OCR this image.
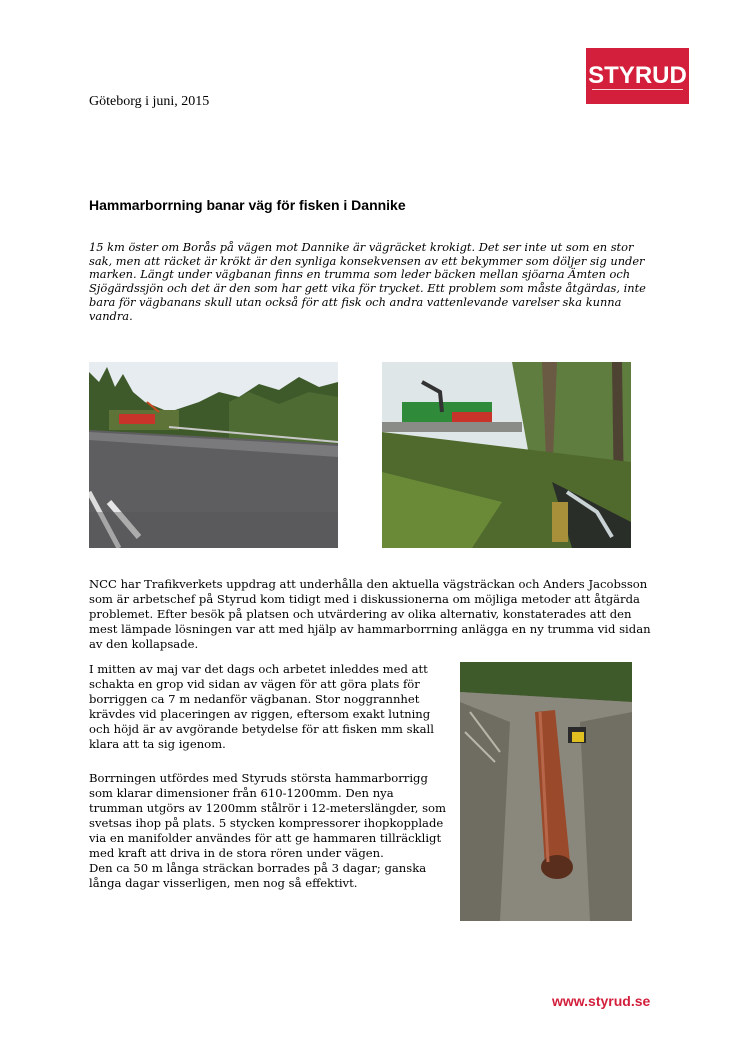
STYRUD
Göteborg i juni, 2015
Hammarborrning banar väg för fisken i Dannike
15 km öster om Borås på vägen mot Dannike är vägräcket krokigt. Det ser inte ut som en stor sak, men att räcket är krökt är den synliga konsekvensen av ett bekymmer som döljer sig under marken. Längt under vägbanan finns en trumma som leder bäcken mellan sjöarna Ämten och Sjögärdssjön och det är den som har gett vika för trycket. Ett problem som måste åtgärdas, inte bara för vägbanans skull utan också för att fisk och andra vattenlevande varelser ska kunna vandra.

NCC har Trafikverkets uppdrag att underhålla den aktuella vägsträckan och Anders Jacobsson som är arbetschef på Styrud kom tidigt med i diskussionerna om möjliga metoder att åtgärda problemet. Efter besök på platsen och utvärdering av olika alternativ, konstaterades att den mest lämpade lösningen var att med hjälp av hammarborrning anlägga en ny trumma vid sidan av den kollapsade.

I mitten av maj var det dags och arbetet inleddes med att schakta en grop vid sidan av vägen för att göra plats för borriggen ca 7 m nedanför vägbanan. Stor noggrannhet krävdes vid placeringen av riggen, eftersom exakt lutning och höjd är av avgörande betydelse för att fisken mm skall klara att ta sig igenom.

Borrningen utfördes med Styruds största hammarborrigg som klarar dimensioner från 610-1200mm. Den nya trumman utgörs av 1200mm stålrör i 12-meterslängder, som svetsas ihop på plats. 5 stycken kompressorer ihopkopplade via en manifolder användes för att ge hammaren tillräckligt med kraft att driva in de stora rören under vägen.
Den ca 50 m långa sträckan borrades på 3 dagar; ganska långa dagar visserligen, men nog så effektivt.
www.styrud.se
